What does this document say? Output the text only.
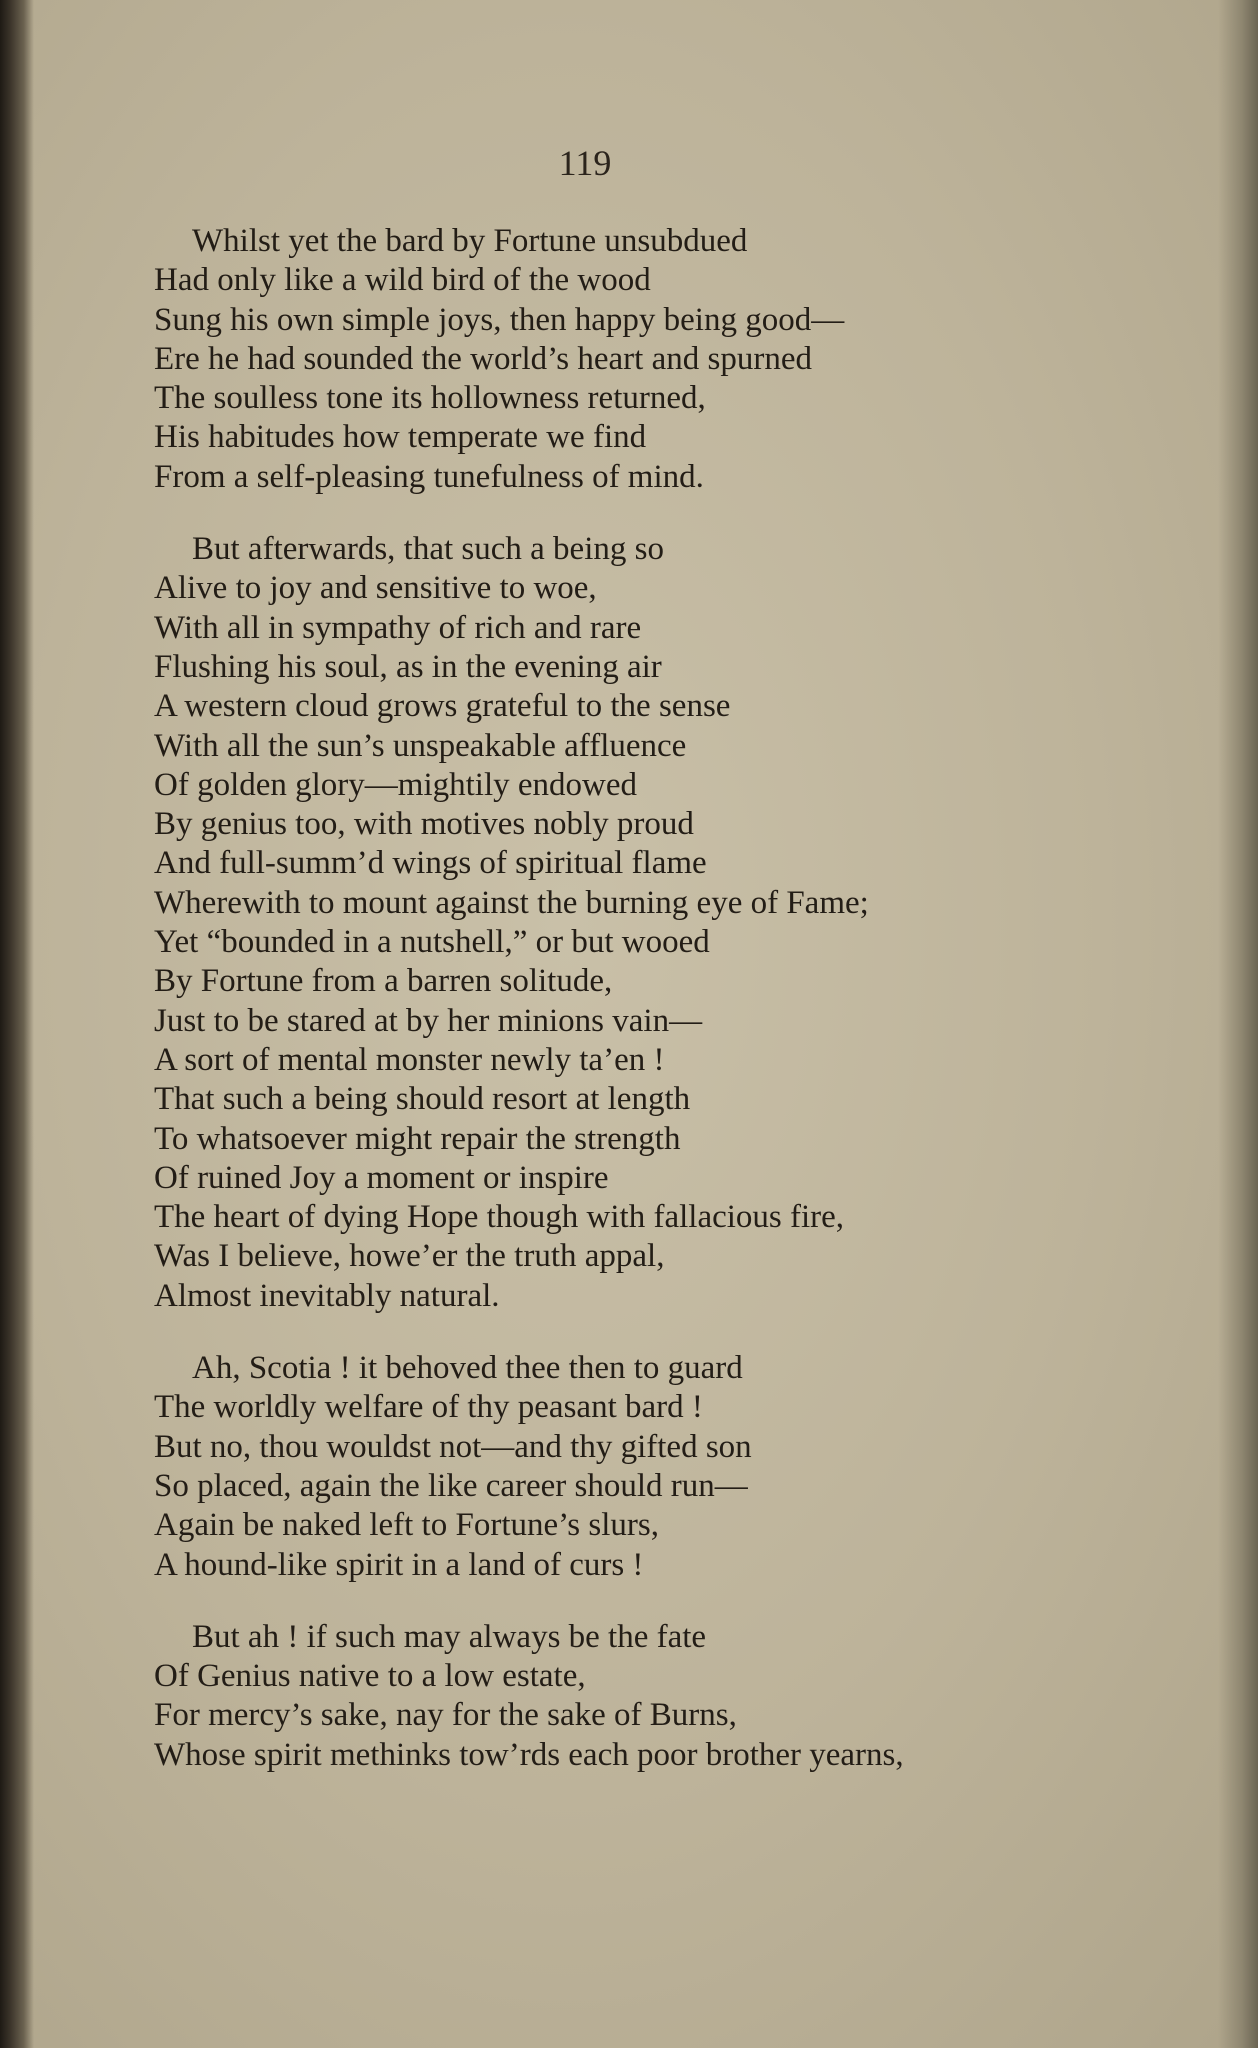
119
Whilst yet the bard by Fortune unsubdued
Had only like a wild bird of the wood
Sung his own simple joys, then happy being good—
Ere he had sounded the world’s heart and spurned
The soulless tone its hollowness returned,
His habitudes how temperate we find
From a self-pleasing tunefulness of mind.
But afterwards, that such a being so
Alive to joy and sensitive to woe,
With all in sympathy of rich and rare
Flushing his soul, as in the evening air
A western cloud grows grateful to the sense
With all the sun’s unspeakable affluence
Of golden glory—mightily endowed
By genius too, with motives nobly proud
And full-summ’d wings of spiritual flame
Wherewith to mount against the burning eye of Fame;
Yet “bounded in a nutshell,” or but wooed
By Fortune from a barren solitude,
Just to be stared at by her minions vain—
A sort of mental monster newly ta’en !
That such a being should resort at length
To whatsoever might repair the strength
Of ruined Joy a moment or inspire
The heart of dying Hope though with fallacious fire,
Was I believe, howe’er the truth appal,
Almost inevitably natural.
Ah, Scotia ! it behoved thee then to guard
The worldly welfare of thy peasant bard !
But no, thou wouldst not—and thy gifted son
So placed, again the like career should run—
Again be naked left to Fortune’s slurs,
A hound-like spirit in a land of curs !
But ah ! if such may always be the fate
Of Genius native to a low estate,
For mercy’s sake, nay for the sake of Burns,
Whose spirit methinks tow’rds each poor brother yearns,
